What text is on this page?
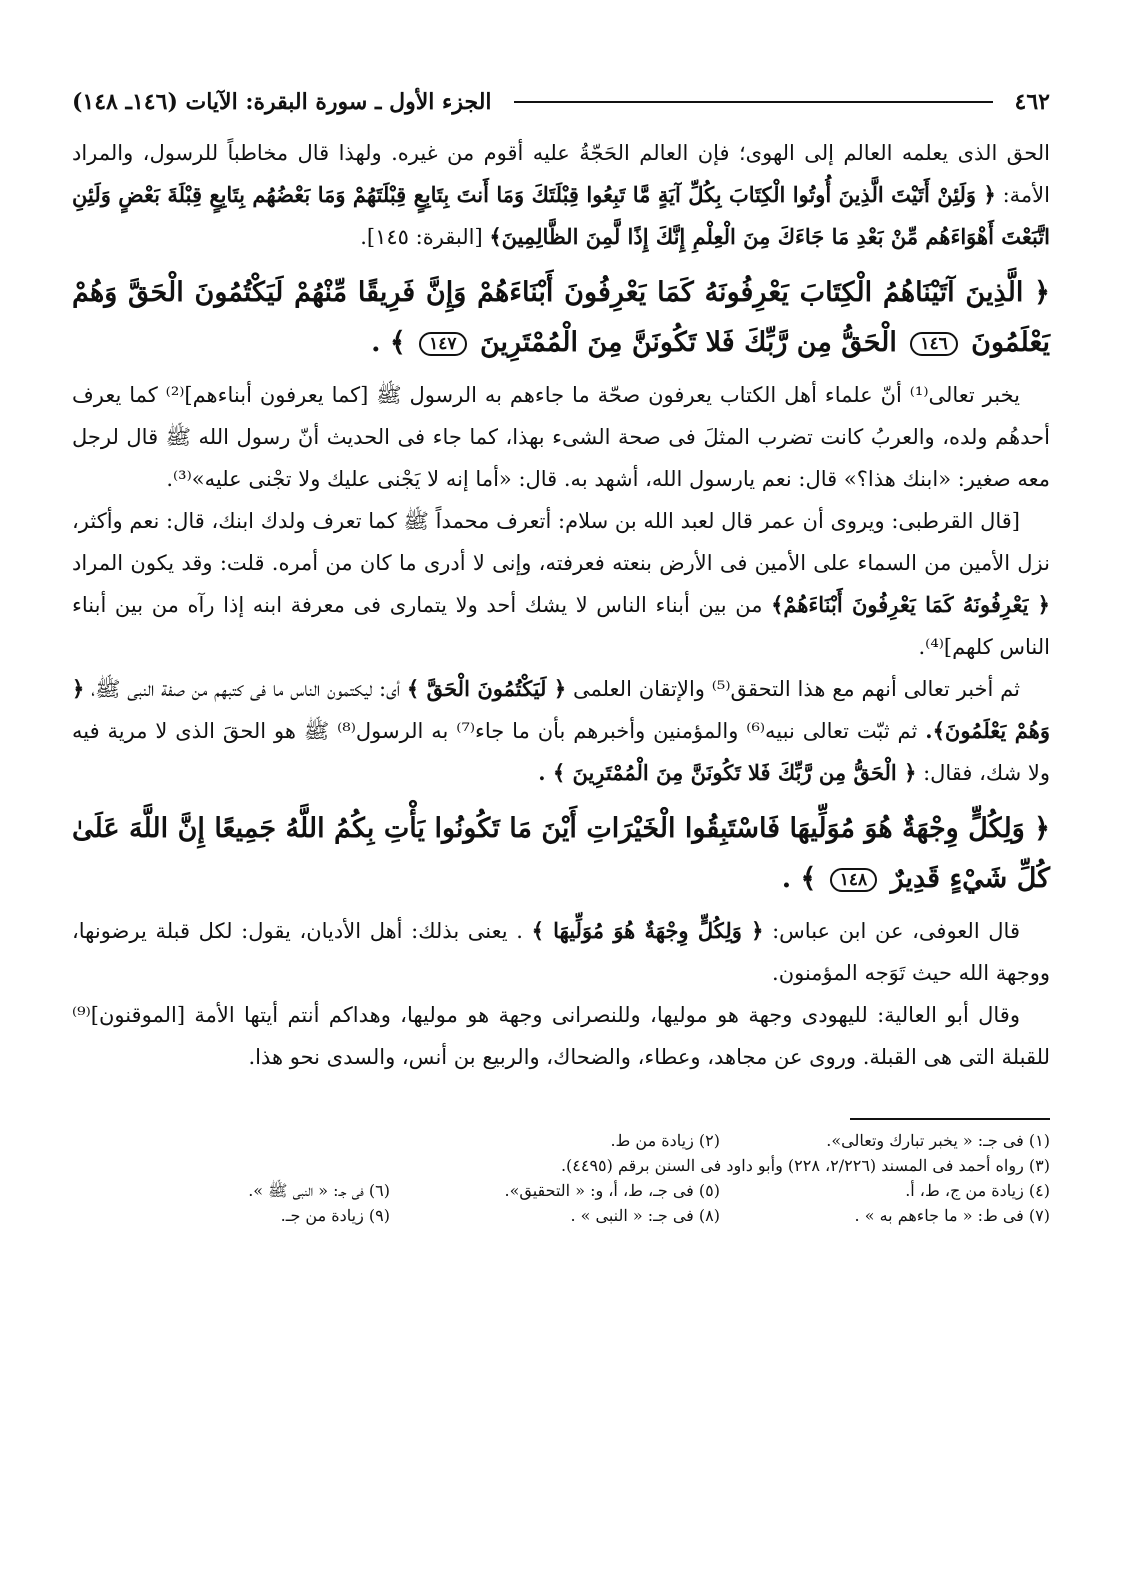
٤٦٢
الجزء الأول ـ سورة البقرة: الآيات (١٤٦ـ ١٤٨)

الحق الذى يعلمه العالم إلى الهوى؛ فإن العالم الحَجّةُ عليه أقوم من غيره. ولهذا قال مخاطباً للرسول، والمراد الأمة: ﴿ وَلَئِنْ أَتَيْتَ الَّذِينَ أُوتُوا الْكِتَابَ بِكُلِّ آيَةٍ مَّا تَبِعُوا قِبْلَتَكَ وَمَا أَنتَ بِتَابِعٍ قِبْلَتَهُمْ وَمَا بَعْضُهُم بِتَابِعٍ قِبْلَةَ بَعْضٍ وَلَئِنِ اتَّبَعْتَ أَهْوَاءَهُم مِّنْ بَعْدِ مَا جَاءَكَ مِنَ الْعِلْمِ إِنَّكَ إِذًا لَّمِنَ الظَّالِمِينَ﴾ [البقرة: ١٤٥].

﴿ الَّذِينَ آتَيْنَاهُمُ الْكِتَابَ يَعْرِفُونَهُ كَمَا يَعْرِفُونَ أَبْنَاءَهُمْ وَإِنَّ فَرِيقًا مِّنْهُمْ لَيَكْتُمُونَ الْحَقَّ وَهُمْ يَعْلَمُونَ ١٤٦ الْحَقُّ مِن رَّبِّكَ فَلا تَكُونَنَّ مِنَ الْمُمْتَرِينَ ١٤٧ ﴾ .

يخبر تعالى⁽¹⁾ أنّ علماء أهل الكتاب يعرفون صحّة ما جاءهم به الرسول ﷺ [كما يعرفون أبناءهم]⁽²⁾ كما يعرف أحدهُم ولده، والعربُ كانت تضرب المثلَ فى صحة الشىء بهذا، كما جاء فى الحديث أنّ رسول الله ﷺ قال لرجل معه صغير: «ابنك هذا؟» قال: نعم يارسول الله، أشهد به. قال: «أما إنه لا يَجْنى عليك ولا تجْنى عليه»⁽³⁾.

[قال القرطبى: ويروى أن عمر قال لعبد الله بن سلام: أتعرف محمداً ﷺ كما تعرف ولدك ابنك، قال: نعم وأكثر، نزل الأمين من السماء على الأمين فى الأرض بنعته فعرفته، وإنى لا أدرى ما كان من أمره. قلت: وقد يكون المراد ﴿ يَعْرِفُونَهُ كَمَا يَعْرِفُونَ أَبْنَاءَهُمْ﴾ من بين أبناء الناس لا يشك أحد ولا يتمارى فى معرفة ابنه إذا رآه من بين أبناء الناس كلهم]⁽⁴⁾.

ثم أخبر تعالى أنهم مع هذا التحقق⁽⁵⁾ والإتقان العلمى ﴿ لَيَكْتُمُونَ الْحَقَّ ﴾ أى: ليكتمون الناس ما فى كتبهم من صفة النبى ﷺ، ﴿ وَهُمْ يَعْلَمُونَ﴾. ثم ثبّت تعالى نبيه⁽⁶⁾ والمؤمنين وأخبرهم بأن ما جاء⁽⁷⁾ به الرسول⁽⁸⁾ ﷺ هو الحقَ الذى لا مرية فيه ولا شك، فقال: ﴿ الْحَقُّ مِن رَّبِّكَ فَلا تَكُونَنَّ مِنَ الْمُمْتَرِينَ ﴾ .

﴿ وَلِكُلٍّ وِجْهَةٌ هُوَ مُوَلِّيهَا فَاسْتَبِقُوا الْخَيْرَاتِ أَيْنَ مَا تَكُونُوا يَأْتِ بِكُمُ اللَّهُ جَمِيعًا إِنَّ اللَّهَ عَلَىٰ كُلِّ شَيْءٍ قَدِيرٌ ١٤٨ ﴾ .

قال العوفى، عن ابن عباس: ﴿ وَلِكُلٍّ وِجْهَةٌ هُوَ مُوَلِّيهَا ﴾ . يعنى بذلك: أهل الأديان، يقول: لكل قبلة يرضونها، ووجهة الله حيث تَوَجه المؤمنون.

وقال أبو العالية: لليهودى وجهة هو موليها، وللنصرانى وجهة هو موليها، وهداكم أنتم أيتها الأمة [الموقنون]⁽⁹⁾ للقبلة التى هى القبلة. وروى عن مجاهد، وعطاء، والضحاك، والربيع بن أنس، والسدى نحو هذا.

(١) فى جـ: « يخبر تبارك وتعالى».
(٢) زيادة من ط.
(٣) رواه أحمد فى المسند (٢/٢٢٦، ٢٢٨) وأبو داود فى السنن برقم (٤٤٩٥).
(٤) زيادة من ج، ط، أ.
(٥) فى جـ، ط، أ، و: « التحقيق».
(٦) فى جـ: « النبى ﷺ ».
(٧) فى ط: « ما جاءهم به » .
(٨) فى جـ: « النبى » .
(٩) زيادة من جـ.
